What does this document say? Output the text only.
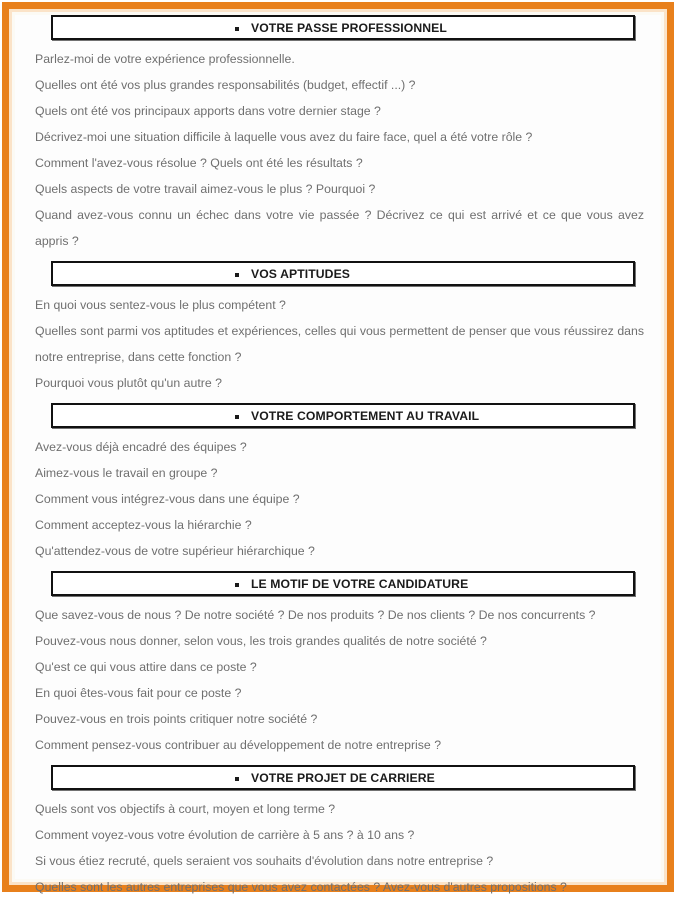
VOTRE PASSE PROFESSIONNEL
Parlez-moi de votre expérience professionnelle.
Quelles ont été vos plus grandes responsabilités (budget, effectif ...) ?
Quels ont été vos principaux apports dans votre dernier stage ?
Décrivez-moi une situation difficile à laquelle vous avez du faire face, quel a été votre rôle ?
Comment l'avez-vous résolue ? Quels ont été les résultats ?
Quels aspects de votre travail aimez-vous le plus ? Pourquoi ?
Quand avez-vous connu un échec dans votre vie passée ? Décrivez ce qui est arrivé et ce que vous avez appris ?
VOS APTITUDES
En quoi vous sentez-vous le plus compétent ?
Quelles sont parmi vos aptitudes et expériences, celles qui vous permettent de penser que vous réussirez dans notre entreprise, dans cette fonction ?
Pourquoi vous plutôt qu'un autre ?
VOTRE COMPORTEMENT AU TRAVAIL
Avez-vous déjà encadré des équipes ?
Aimez-vous le travail en groupe ?
Comment vous intégrez-vous dans une équipe ?
Comment acceptez-vous la hiérarchie ?
Qu'attendez-vous de votre supérieur hiérarchique ?
LE MOTIF DE VOTRE CANDIDATURE
Que savez-vous de nous ? De notre société ? De nos produits ? De nos clients ? De nos concurrents ?
Pouvez-vous nous donner, selon vous, les trois grandes qualités de notre société ?
Qu'est ce qui vous attire dans ce poste ?
En quoi êtes-vous fait pour ce poste ?
Pouvez-vous en trois points critiquer notre société ?
Comment pensez-vous contribuer au développement de notre entreprise ?
VOTRE PROJET DE CARRIERE
Quels sont vos objectifs à court, moyen et long terme ?
Comment voyez-vous votre évolution de carrière à 5 ans ? à 10 ans ?
Si vous étiez recruté, quels seraient vos souhaits d'évolution dans notre entreprise ?
Quelles sont les autres entreprises que vous avez contactées ? Avez-vous d'autres propositions ?
